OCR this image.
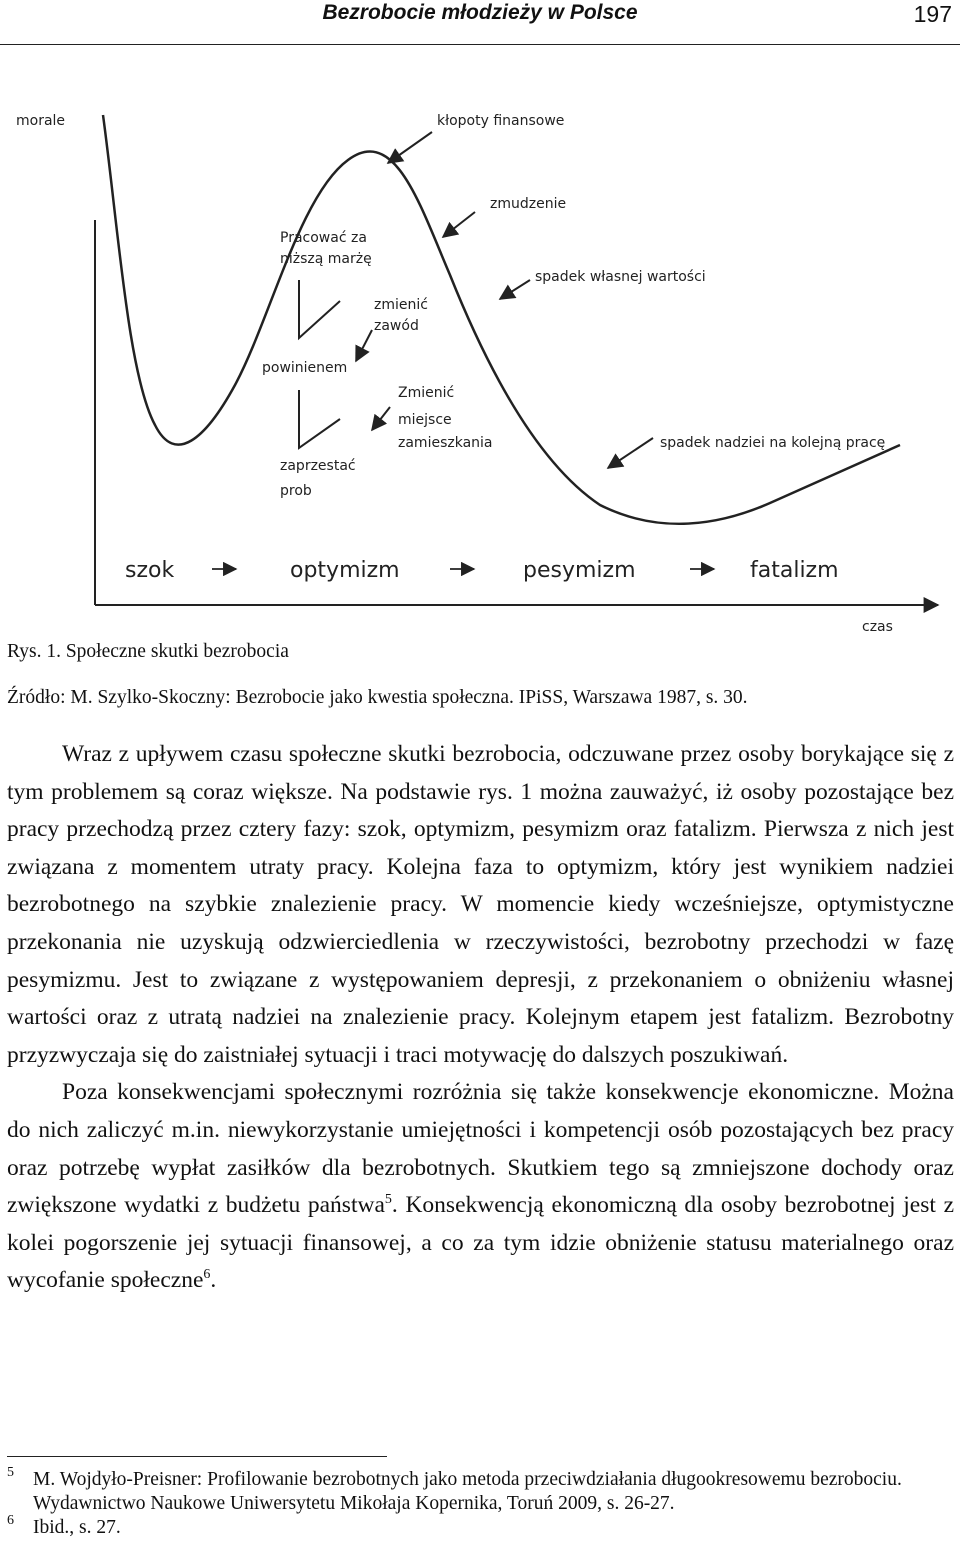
Bezrobocie młodzieży w Polsce	197
morale
czas
kłopoty finansowe
zmudzenie
spadek własnej wartości
spadek nadziei na kolejną pracę
Pracować za
niższą marżę
zmienić
zawód
powinienem
Zmienić
miejsce
zamieszkania
zaprzestać
prob
szok	optymizm	pesymizm	fatalizm
Rys. 1. Społeczne skutki bezrobocia
Źródło: M. Szylko-Skoczny: Bezrobocie jako kwestia społeczna. IPiSS, Warszawa 1987, s. 30.

Wraz z upływem czasu społeczne skutki bezrobocia, odczuwane przez osoby borykające się z tym problemem są coraz większe. Na podstawie rys. 1 można zauważyć, iż osoby pozostające bez pracy przechodzą przez cztery fazy: szok, optymizm, pesymizm oraz fatalizm. Pierwsza z nich jest związana z momentem utraty pracy. Kolejna faza to optymizm, który jest wynikiem nadziei bezrobotnego na szybkie znalezienie pracy. W momencie kiedy wcześniejsze, optymistyczne przekonania nie uzyskują odzwierciedlenia w rzeczywistości, bezrobotny przechodzi w fazę pesymizmu. Jest to związane z występowaniem depresji, z przekonaniem o obniżeniu własnej wartości oraz z utratą nadziei na znalezienie pracy. Kolejnym etapem jest fatalizm. Bezrobotny przyzwyczaja się do zaistniałej sytuacji i traci motywację do dalszych poszukiwań.

Poza konsekwencjami społecznymi rozróżnia się także konsekwencje ekonomiczne. Można do nich zaliczyć m.in. niewykorzystanie umiejętności i kompetencji osób pozostających bez pracy oraz potrzebę wypłat zasiłków dla bezrobotnych. Skutkiem tego są zmniejszone dochody oraz zwiększone wydatki z budżetu państwa$^5$. Konsekwencją ekonomiczną dla osoby bezrobotnej jest z kolei pogorszenie jej sytuacji finansowej, a co za tym idzie obniżenie statusu materialnego oraz wycofanie społeczne$^6$.

5 M. Wojdyło-Preisner: Profilowanie bezrobotnych jako metoda przeciwdziałania długookresowemu bezrobociu. Wydawnictwo Naukowe Uniwersytetu Mikołaja Kopernika, Toruń 2009, s. 26-27.
6 Ibid., s. 27.
